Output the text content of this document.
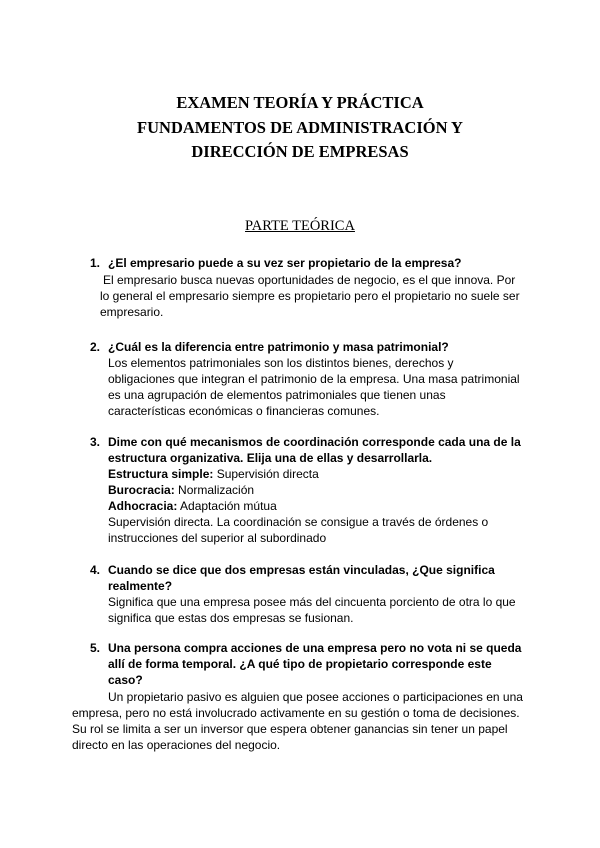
EXAMEN TEORÍA Y PRÁCTICA
FUNDAMENTOS DE ADMINISTRACIÓN Y
DIRECCIÓN DE EMPRESAS
PARTE TEÓRICA
1. ¿El empresario puede a su vez ser propietario de la empresa?

El empresario busca nuevas oportunidades de negocio, es el que innova. Por

lo general el empresario siempre es propietario pero el propietario no suele ser

empresario.

2. ¿Cuál es la diferencia entre patrimonio y masa patrimonial?

Los elementos patrimoniales son los distintos bienes, derechos y

obligaciones que integran el patrimonio de la empresa. Una masa patrimonial

es una agrupación de elementos patrimoniales que tienen unas

características económicas o financieras comunes.

3. Dime con qué mecanismos de coordinación corresponde cada una de la

estructura organizativa. Elija una de ellas y desarrollarla.

Estructura simple: Supervisión directa

Burocracia: Normalización

Adhocracia: Adaptación mútua

Supervisión directa. La coordinación se consigue a través de órdenes o

instrucciones del superior al subordinado

4. Cuando se dice que dos empresas están vinculadas, ¿Que significa

realmente?

Significa que una empresa posee más del cincuenta porciento de otra lo que

significa que estas dos empresas se fusionan.

5. Una persona compra acciones de una empresa pero no vota ni se queda

allí de forma temporal. ¿A qué tipo de propietario corresponde este

caso?

Un propietario pasivo es alguien que posee acciones o participaciones en una

empresa, pero no está involucrado activamente en su gestión o toma de decisiones.

Su rol se limita a ser un inversor que espera obtener ganancias sin tener un papel

directo en las operaciones del negocio.
